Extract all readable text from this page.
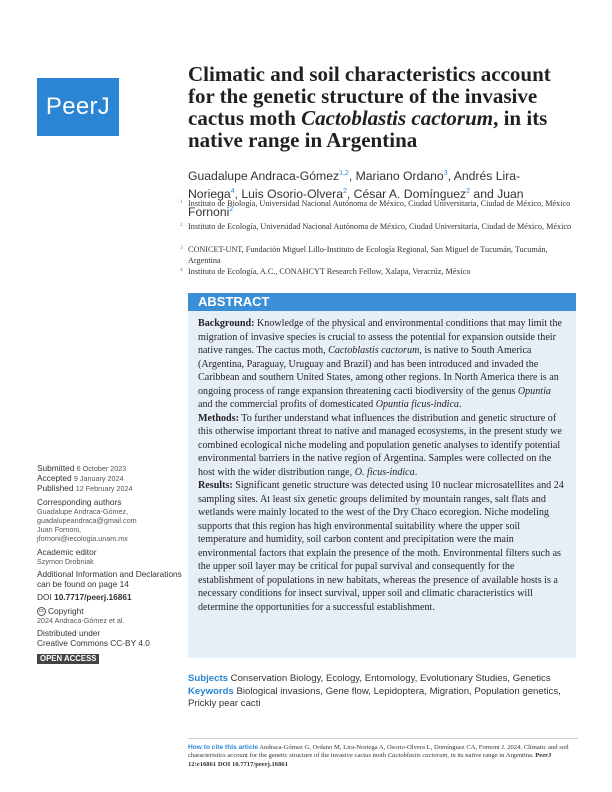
PeerJ
Climatic and soil characteristics account for the genetic structure of the invasive cactus moth Cactoblastis cactorum, in its native range in Argentina
Guadalupe Andraca-Gómez$^{1,2}$, Mariano Ordano$^3$, Andrés Lira-Noriega$^4$, Luis Osorio-Olvera$^2$, César A. Domínguez$^2$ and Juan Fornoni$^2$
1 Instituto de Biología, Universidad Nacional Autónoma de México, Ciudad Universitaria, Ciudad de México, México
2 Instituto de Ecología, Universidad Nacional Autónoma de México, Ciudad Universitaria, Ciudad de México, México
3 CONICET-UNT, Fundación Miguel Lillo-Instituto de Ecología Regional, San Miguel de Tucumán, Tucumán, Argentina
4 Instituto de Ecología, A.C., CONAHCYT Research Fellow, Xalapa, Veracrúz, México
ABSTRACT

Background: Knowledge of the physical and environmental conditions that may limit the migration of invasive species is crucial to assess the potential for expansion outside their native ranges. The cactus moth, Cactoblastis cactorum, is native to South America (Argentina, Paraguay, Uruguay and Brazil) and has been introduced and invaded the Caribbean and southern United States, among other regions. In North America there is an ongoing process of range expansion threatening cacti biodiversity of the genus Opuntia and the commercial profits of domesticated Opuntia ficus-indica.

Methods: To further understand what influences the distribution and genetic structure of this otherwise important threat to native and managed ecosystems, in the present study we combined ecological niche modeling and population genetic analyses to identify potential environmental barriers in the native region of Argentina. Samples were collected on the host with the wider distribution range, O. ficus-indica.

Results: Significant genetic structure was detected using 10 nuclear microsatellites and 24 sampling sites. At least six genetic groups delimited by mountain ranges, salt flats and wetlands were mainly located to the west of the Dry Chaco ecoregion. Niche modeling supports that this region has high environmental suitability where the upper soil temperature and humidity, soil carbon content and precipitation were the main environmental factors that explain the presence of the moth. Environmental filters such as the upper soil layer may be critical for pupal survival and consequently for the establishment of populations in new habitats, whereas the presence of available hosts is a necessary conditions for insect survival, upper soil and climatic characteristics will determine the opportunities for a successful establishment.

Subjects Conservation Biology, Ecology, Entomology, Evolutionary Studies, Genetics
Keywords Biological invasions, Gene flow, Lepidoptera, Migration, Population genetics, Prickly pear cacti
Submitted 6 October 2023
Accepted 9 January 2024
Published 12 February 2024
Corresponding authors
Guadalupe Andraca-Gómez,
guadalupeandraca@gmail.com
Juan Fornoni,
jfornoni@iecologia.unam.mx
Academic editor
Szymon Drobniak
Additional Information and Declarations can be found on page 14
DOI 10.7717/peerj.16861
cc Copyright
2024 Andraca-Gómez et al.
Distributed under
Creative Commons CC-BY 4.0
OPEN ACCESS
How to cite this article Andraca-Gómez G, Ordano M, Lira-Noriega A, Osorio-Olvera L, Domínguez CA, Fornoni J. 2024. Climatic and soil characteristics account for the genetic structure of the invasive cactus moth Cactoblastis cactorum, in its native range in Argentina. PeerJ 12:e16861 DOI 10.7717/peerj.16861
